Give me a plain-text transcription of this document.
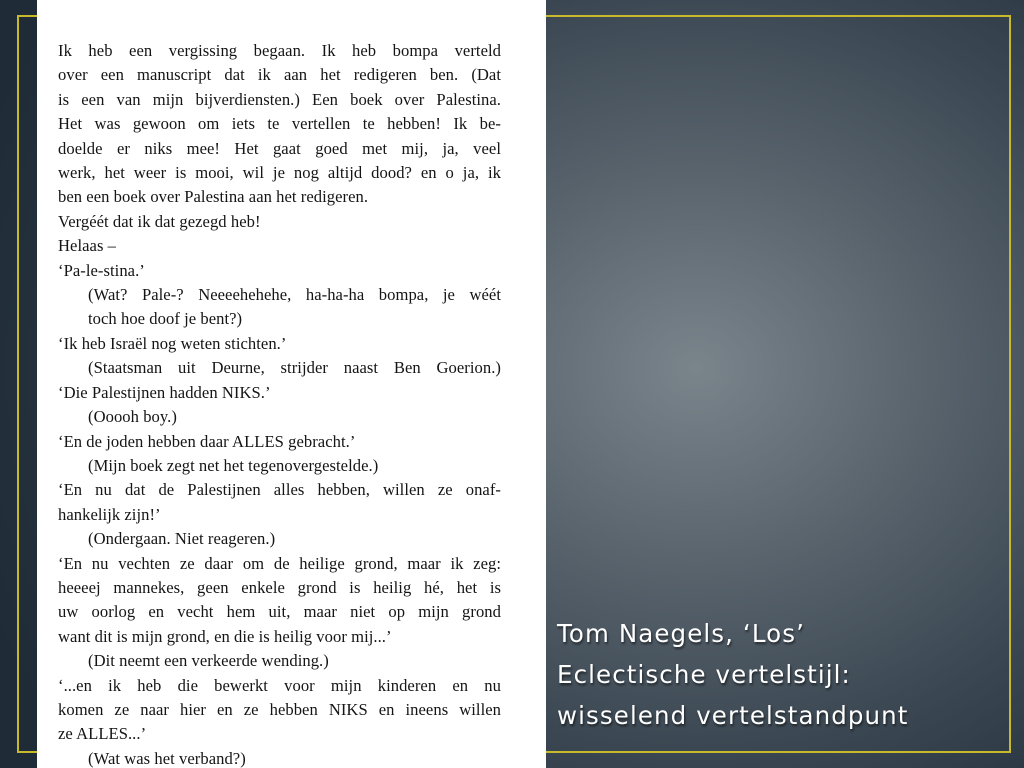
Ik heb een vergissing begaan. Ik heb bompa verteld
over een manuscript dat ik aan het redigeren ben. (Dat
is een van mijn bijverdiensten.) Een boek over Palestina.
Het was gewoon om iets te vertellen te hebben! Ik be-
doelde er niks mee! Het gaat goed met mij, ja, veel
werk, het weer is mooi, wil je nog altijd dood? en o ja, ik
ben een boek over Palestina aan het redigeren.
Vergéét dat ik dat gezegd heb!
Helaas –
‘Pa-le-stina.’
(Wat? Pale-? Neeeehehehe, ha-ha-ha bompa, je wéét
toch hoe doof je bent?)
‘Ik heb Israël nog weten stichten.’
(Staatsman uit Deurne, strijder naast Ben Goerion.)
‘Die Palestijnen hadden NIKS.’
(Ooooh boy.)
‘En de joden hebben daar ALLES gebracht.’
(Mijn boek zegt net het tegenovergestelde.)
‘En nu dat de Palestijnen alles hebben, willen ze onaf-
hankelijk zijn!’
(Ondergaan. Niet reageren.)
‘En nu vechten ze daar om de heilige grond, maar ik zeg:
heeeej mannekes, geen enkele grond is heilig hé, het is
uw oorlog en vecht hem uit, maar niet op mijn grond
want dit is mijn grond, en die is heilig voor mij...’
(Dit neemt een verkeerde wending.)
‘...en ik heb die bewerkt voor mijn kinderen en nu
komen ze naar hier en ze hebben NIKS en ineens willen
ze ALLES...’
(Wat was het verband?)
Tom Naegels, ‘Los’
Eclectische vertelstijl:
wisselend vertelstandpunt
